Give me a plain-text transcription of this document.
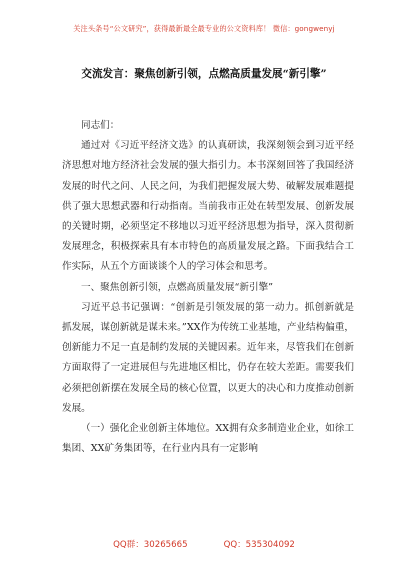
关注头条号“公文研究”，获得最新最全最专业的公文资料库！ 微信：gongwenyj
交流发言：聚焦创新引领，点燃高质量发展“新引擎”

同志们：

通过对《习近平经济文选》的认真研读，我深刻领会到习近平经济思想对地方经济社会发展的强大指引力。本书深刻回答了我国经济发展的时代之问、人民之问，为我们把握发展大势、破解发展难题提供了强大思想武器和行动指南。当前我市正处在转型发展、创新发展的关键时期，必须坚定不移地以习近平经济思想为指导，深入贯彻新发展理念，积极探索具有本市特色的高质量发展之路。下面我结合工作实际，从五个方面谈谈个人的学习体会和思考。

一、聚焦创新引领，点燃高质量发展“新引擎”

习近平总书记强调：“创新是引领发展的第一动力。抓创新就是抓发展，谋创新就是谋未来。”XX作为传统工业基地，产业结构偏重，创新能力不足一直是制约发展的关键因素。近年来，尽管我们在创新方面取得了一定进展但与先进地区相比，仍存在较大差距。需要我们必须把创新摆在发展全局的核心位置，以更大的决心和力度推动创新发展。

（一）强化企业创新主体地位。XX拥有众多制造业企业，如徐工集团、XX矿务集团等，在行业内具有一定影响

QQ群：30265665	QQ：535304092
